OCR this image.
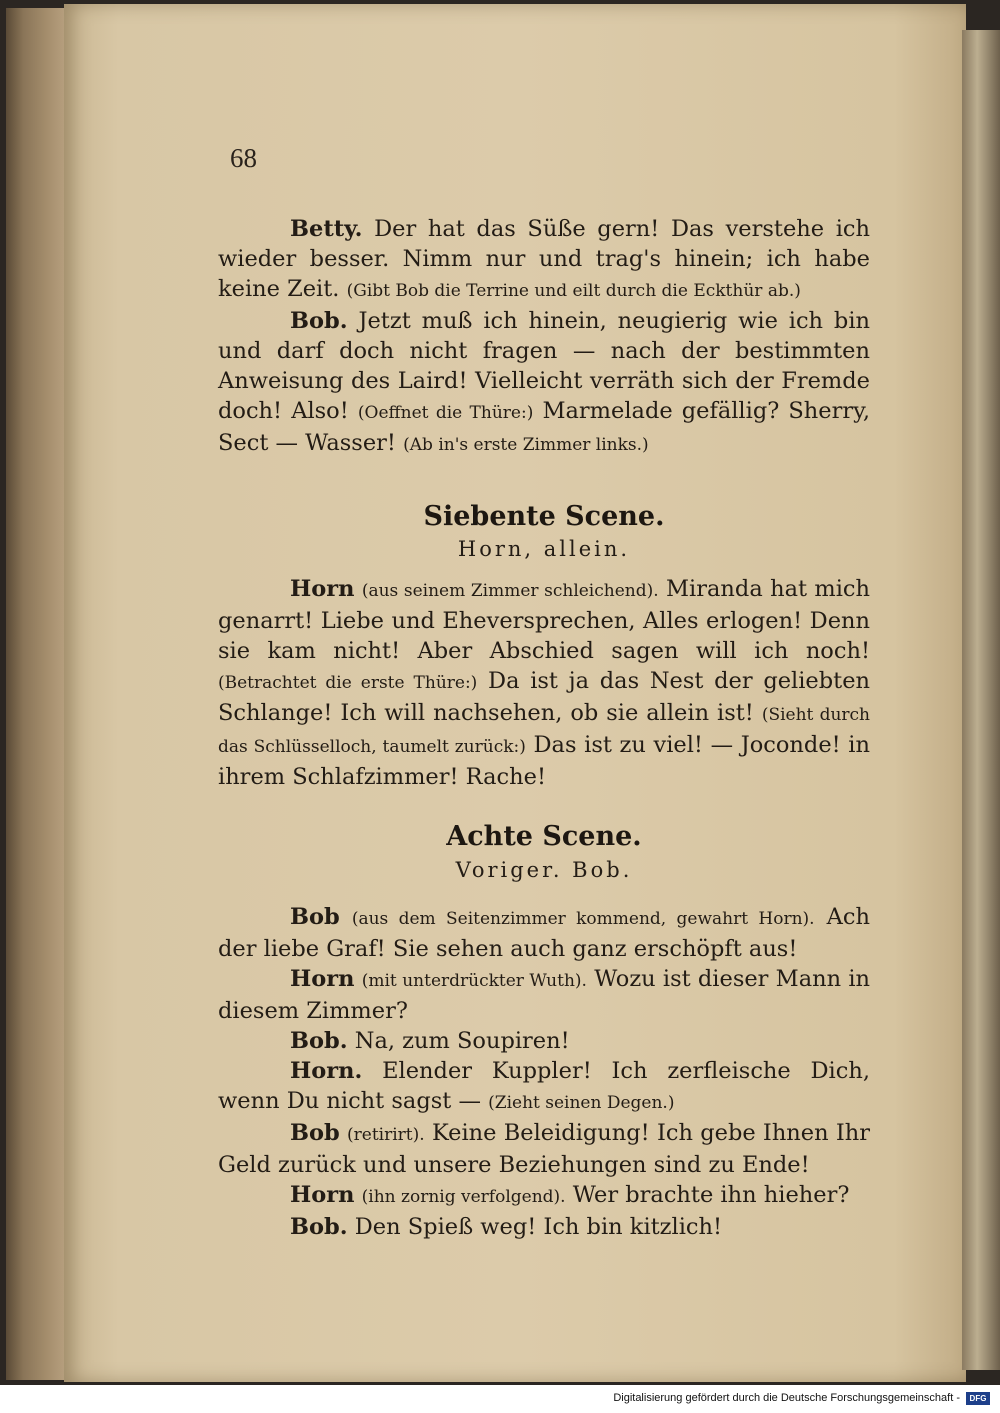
68

Betty. Der hat das Süße gern! Das verstehe ich wieder besser. Nimm nur und trag's hinein; ich habe keine Zeit. (Gibt Bob die Terrine und eilt durch die Eckthür ab.)

Bob. Jetzt muß ich hinein, neugierig wie ich bin und darf doch nicht fragen — nach der bestimmten Anweisung des Laird! Vielleicht verräth sich der Fremde doch! Also! (Oeffnet die Thüre:) Marmelade gefällig? Sherry, Sect — Wasser! (Ab in's erste Zimmer links.)

Siebente Scene.
Horn, allein.

Horn (aus seinem Zimmer schleichend). Miranda hat mich genarrt! Liebe und Eheversprechen, Alles erlogen! Denn sie kam nicht! Aber Abschied sagen will ich noch! (Betrachtet die erste Thüre:) Da ist ja das Nest der geliebten Schlange! Ich will nachsehen, ob sie allein ist! (Sieht durch das Schlüsselloch, taumelt zurück:) Das ist zu viel! — Joconde! in ihrem Schlafzimmer! Rache!

Achte Scene.
Voriger. Bob.

Bob (aus dem Seitenzimmer kommend, gewahrt Horn). Ach der liebe Graf! Sie sehen auch ganz erschöpft aus!

Horn (mit unterdrückter Wuth). Wozu ist dieser Mann in diesem Zimmer?

Bob. Na, zum Soupiren!

Horn. Elender Kuppler! Ich zerfleische Dich, wenn Du nicht sagst — (Zieht seinen Degen.)

Bob (retirirt). Keine Beleidigung! Ich gebe Ihnen Ihr Geld zurück und unsere Beziehungen sind zu Ende!

Horn (ihn zornig verfolgend). Wer brachte ihn hieher?

Bob. Den Spieß weg! Ich bin kitzlich!

Digitalisierung gefördert durch die Deutsche Forschungsgemeinschaft -	DFG
